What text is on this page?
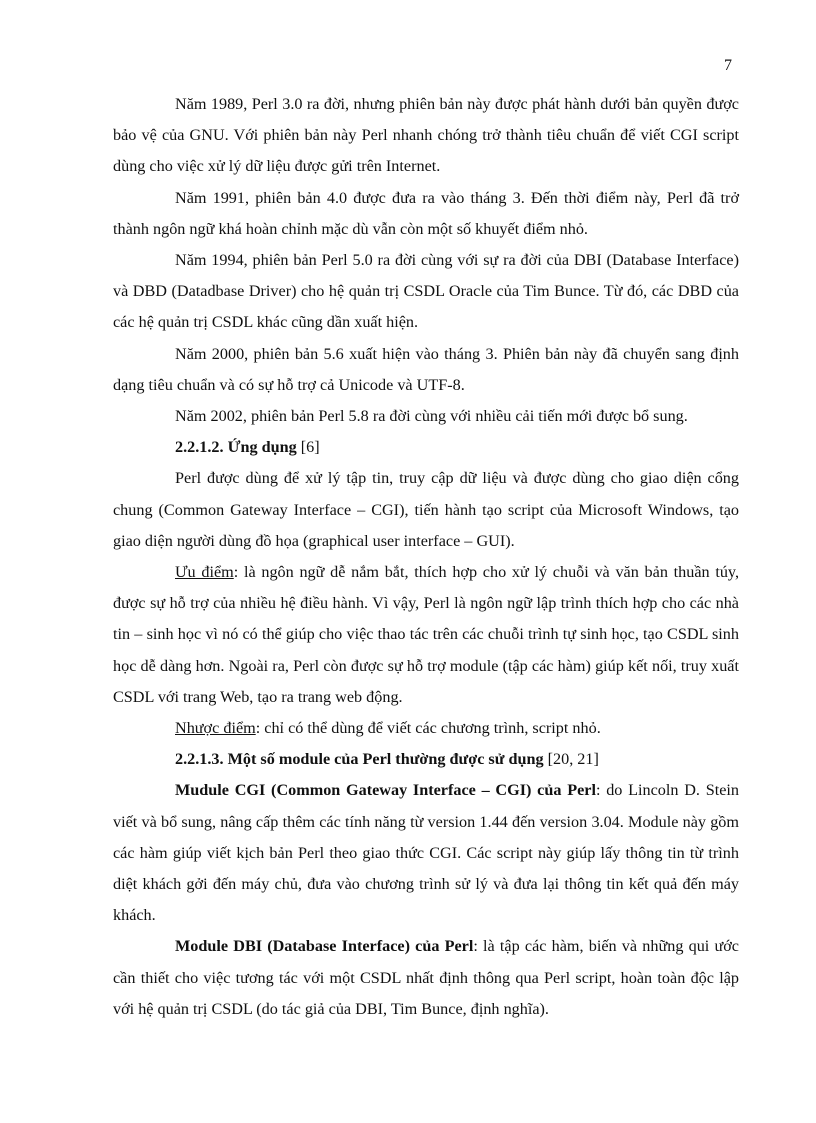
7

Năm 1989, Perl 3.0 ra đời, nhưng phiên bản này được phát hành dưới bản quyền được bảo vệ của GNU. Với phiên bản này Perl nhanh chóng trở thành tiêu chuẩn để viết CGI script dùng cho việc xử lý dữ liệu được gửi trên Internet.

Năm 1991, phiên bản 4.0 được đưa ra vào tháng 3. Đến thời điểm này, Perl đã trở thành ngôn ngữ khá hoàn chỉnh mặc dù vẫn còn một số khuyết điểm nhỏ.

Năm 1994, phiên bản Perl 5.0 ra đời cùng với sự ra đời của DBI (Database Interface) và DBD (Datadbase Driver) cho hệ quản trị CSDL Oracle của Tim Bunce. Từ đó, các DBD của các hệ quản trị CSDL khác cũng dần xuất hiện.

Năm 2000, phiên bản 5.6 xuất hiện vào tháng 3. Phiên bản này đã chuyển sang định dạng tiêu chuẩn và có sự hỗ trợ cả Unicode và UTF-8.

Năm 2002, phiên bản Perl 5.8 ra đời cùng với nhiều cải tiến mới được bổ sung.

2.2.1.2. Ứng dụng [6]

Perl được dùng để xử lý tập tin, truy cập dữ liệu và được dùng cho giao diện cổng chung (Common Gateway Interface – CGI), tiến hành tạo script của Microsoft Windows, tạo giao diện người dùng đồ họa (graphical user interface – GUI).

Ưu điểm: là ngôn ngữ dễ nắm bắt, thích hợp cho xử lý chuỗi và văn bản thuần túy, được sự hỗ trợ của nhiều hệ điều hành. Vì vậy, Perl là ngôn ngữ lập trình thích hợp cho các nhà tin – sinh học vì nó có thể giúp cho việc thao tác trên các chuỗi trình tự sinh học, tạo CSDL sinh học dễ dàng hơn. Ngoài ra, Perl còn được sự hỗ trợ module (tập các hàm) giúp kết nối, truy xuất CSDL với trang Web, tạo ra trang web động.

Nhược điểm: chỉ có thể dùng để viết các chương trình, script nhỏ.

2.2.1.3. Một số module của Perl thường được sử dụng [20, 21]

Mudule CGI (Common Gateway Interface – CGI) của Perl: do Lincoln D. Stein viết và bổ sung, nâng cấp thêm các tính năng từ version 1.44 đến version 3.04. Module này gồm các hàm giúp viết kịch bản Perl theo giao thức CGI. Các script này giúp lấy thông tin từ trình diệt khách gởi đến máy chủ, đưa vào chương trình sử lý và đưa lại thông tin kết quả đến máy khách.

Module DBI (Database Interface) của Perl: là tập các hàm, biến và những qui ước cần thiết cho việc tương tác với một CSDL nhất định thông qua Perl script, hoàn toàn độc lập với hệ quản trị CSDL (do tác giả của DBI, Tim Bunce, định nghĩa).
